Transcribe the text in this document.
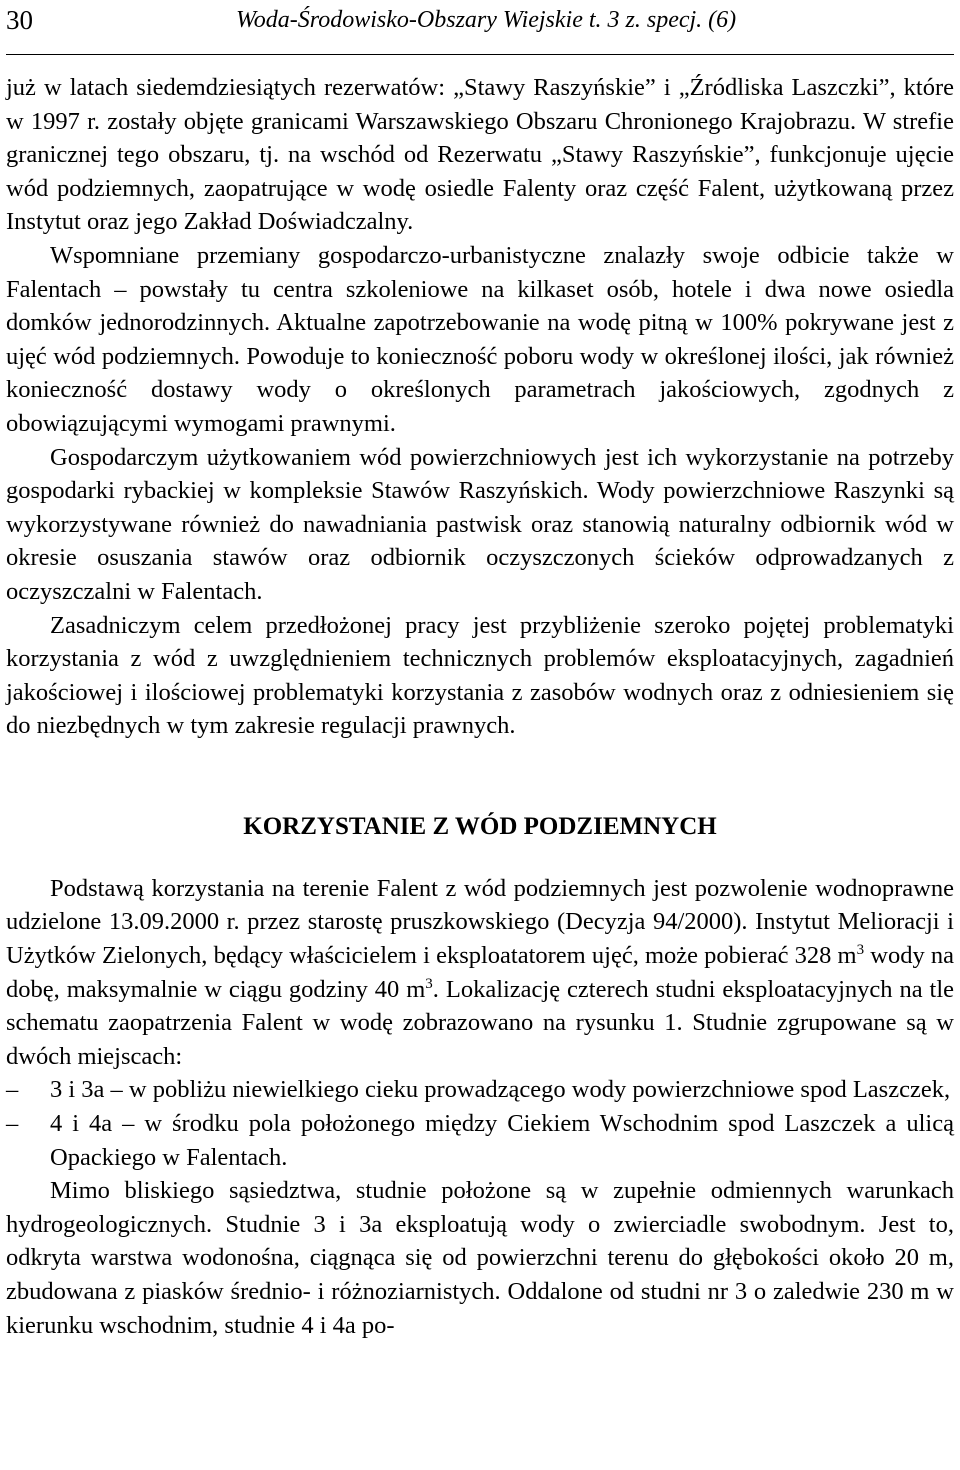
30	Woda-Środowisko-Obszary Wiejskie t. 3 z. specj. (6)

już w latach siedemdziesiątych rezerwatów: „Stawy Raszyńskie” i „Źródliska Laszczki”, które w 1997 r. zostały objęte granicami Warszawskiego Obszaru Chronionego Krajobrazu. W strefie granicznej tego obszaru, tj. na wschód od Rezerwatu „Stawy Raszyńskie”, funkcjonuje ujęcie wód podziemnych, zaopatrujące w wodę osiedle Falenty oraz część Falent, użytkowaną przez Instytut oraz jego Zakład Doświadczalny.

Wspomniane przemiany gospodarczo-urbanistyczne znalazły swoje odbicie także w Falentach – powstały tu centra szkoleniowe na kilkaset osób, hotele i dwa nowe osiedla domków jednorodzinnych. Aktualne zapotrzebowanie na wodę pitną w 100% pokrywane jest z ujęć wód podziemnych. Powoduje to konieczność poboru wody w określonej ilości, jak również konieczność dostawy wody o określonych parametrach jakościowych, zgodnych z obowiązującymi wymogami prawnymi.

Gospodarczym użytkowaniem wód powierzchniowych jest ich wykorzystanie na potrzeby gospodarki rybackiej w kompleksie Stawów Raszyńskich. Wody powierzchniowe Raszynki są wykorzystywane również do nawadniania pastwisk oraz stanowią naturalny odbiornik wód w okresie osuszania stawów oraz odbiornik oczyszczonych ścieków odprowadzanych z oczyszczalni w Falentach.

Zasadniczym celem przedłożonej pracy jest przybliżenie szeroko pojętej problematyki korzystania z wód z uwzględnieniem technicznych problemów eksploatacyjnych, zagadnień jakościowej i ilościowej problematyki korzystania z zasobów wodnych oraz z odniesieniem się do niezbędnych w tym zakresie regulacji prawnych.

KORZYSTANIE Z WÓD PODZIEMNYCH

Podstawą korzystania na terenie Falent z wód podziemnych jest pozwolenie wodnoprawne udzielone 13.09.2000 r. przez starostę pruszkowskiego (Decyzja 94/2000). Instytut Melioracji i Użytków Zielonych, będący właścicielem i eksploatatorem ujęć, może pobierać 328 $m^3$ wody na dobę, maksymalnie w ciągu godziny 40 $m^3$. Lokalizację czterech studni eksploatacyjnych na tle schematu zaopatrzenia Falent w wodę zobrazowano na rysunku 1. Studnie zgrupowane są w dwóch miejscach:

– 3 i 3a – w pobliżu niewielkiego cieku prowadzącego wody powierzchniowe spod Laszczek,
– 4 i 4a – w środku pola położonego między Ciekiem Wschodnim spod Laszczek a ulicą Opackiego w Falentach.

Mimo bliskiego sąsiedztwa, studnie położone są w zupełnie odmiennych warunkach hydrogeologicznych. Studnie 3 i 3a eksploatują wody o zwierciadle swobodnym. Jest to, odkryta warstwa wodonośna, ciągnąca się od powierzchni terenu do głębokości około 20 m, zbudowana z piasków średnio- i różnoziarnistych. Oddalone od studni nr 3 o zaledwie 230 m w kierunku wschodnim, studnie 4 i 4a po-
